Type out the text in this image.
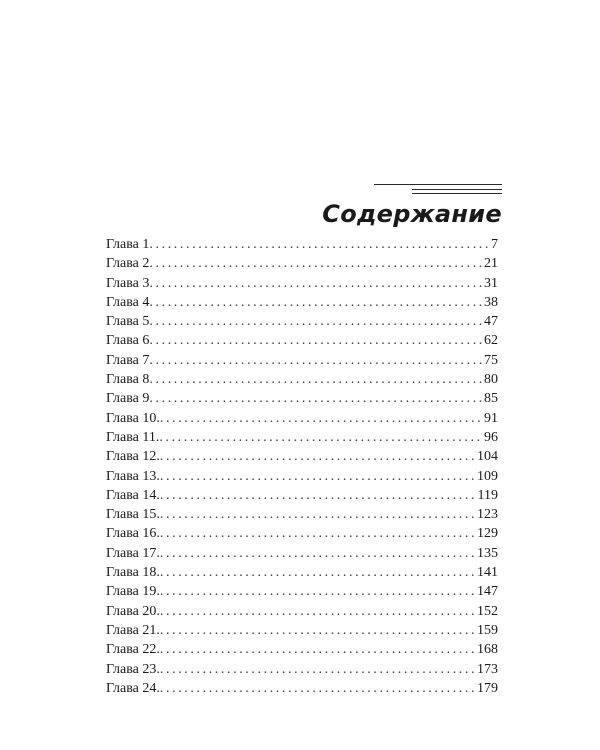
Содержание
Глава 1 .....	7
Глава 2 .....	21
Глава 3 .....	31
Глава 4 .....	38
Глава 5 .....	47
Глава 6 .....	62
Глава 7 .....	75
Глава 8 .....	80
Глава 9 .....	85
Глава 10. .....	91
Глава 11. .....	96
Глава 12. .....	104
Глава 13. .....	109
Глава 14. .....	119
Глава 15. .....	123
Глава 16. .....	129
Глава 17. .....	135
Глава 18. .....	141
Глава 19. .....	147
Глава 20. .....	152
Глава 21. .....	159
Глава 22. .....	168
Глава 23. .....	173
Глава 24. .....	179
